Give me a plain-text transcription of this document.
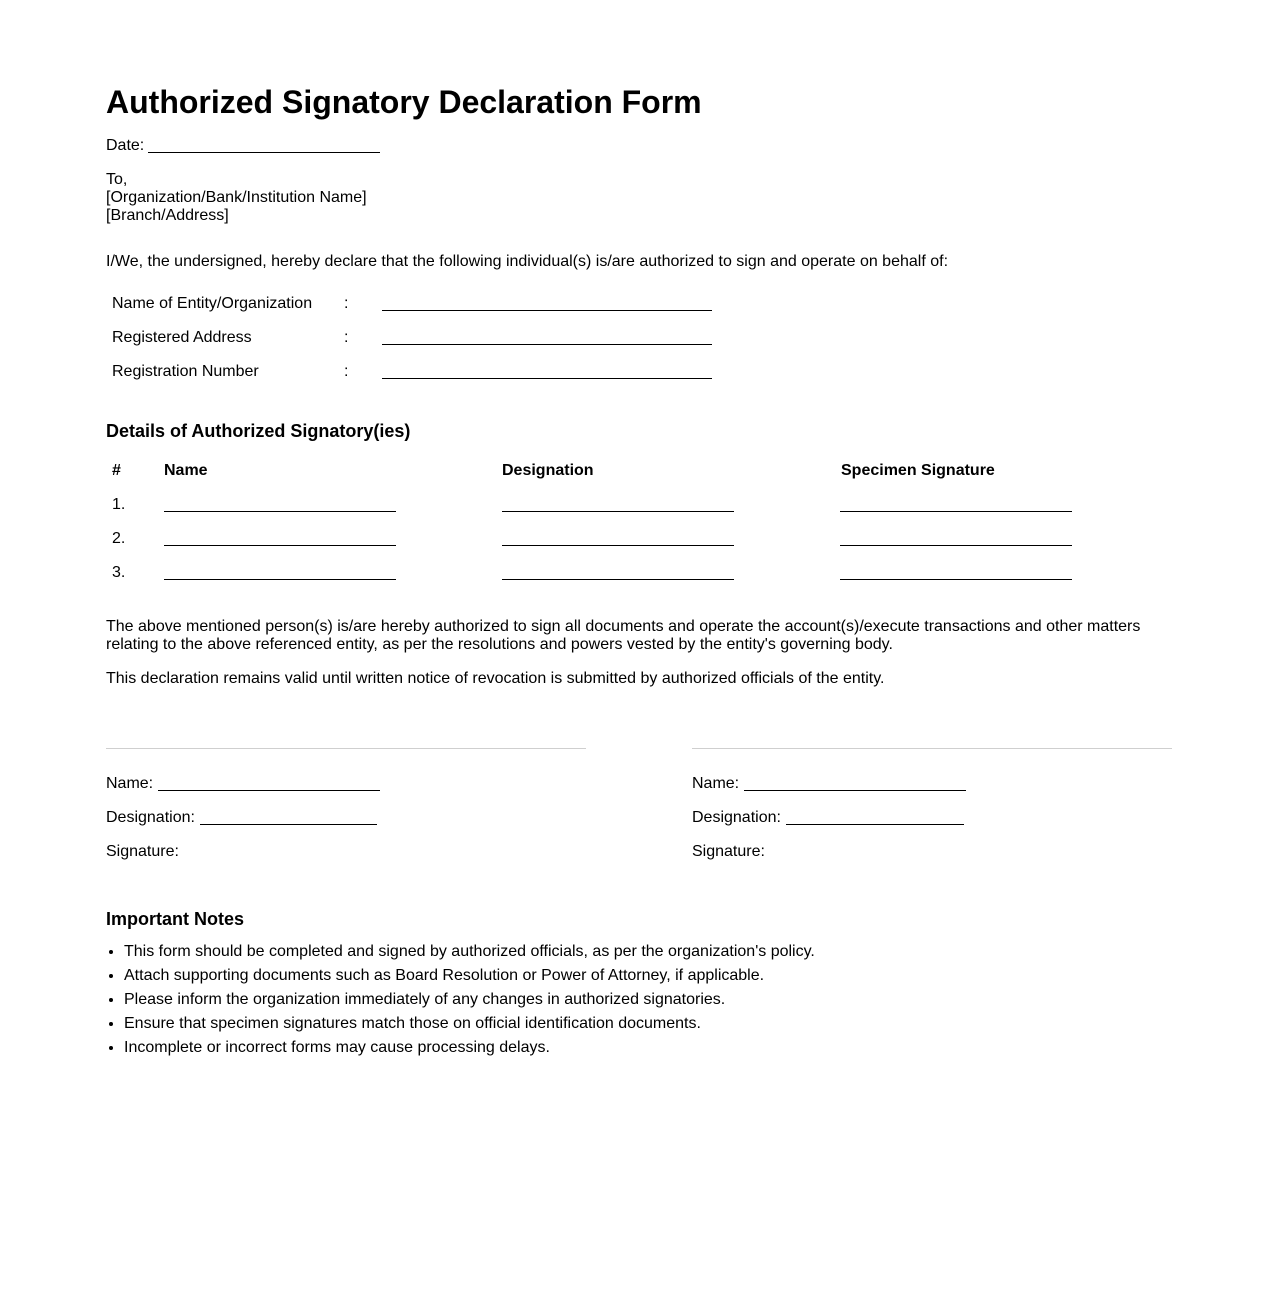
Authorized Signatory Declaration Form
Date:
To,
[Organization/Bank/Institution Name]
[Branch/Address]
I/We, the undersigned, hereby declare that the following individual(s) is/are authorized to sign and operate on behalf of:
Name of Entity/Organization :
Registered Address	:
Registration Number	:
Details of Authorized Signatory(ies)
#	Name	Designation	Specimen Signature
1.
2.
3.
The above mentioned person(s) is/are hereby authorized to sign all documents and operate the account(s)/execute transactions and other matters relating to the above referenced entity, as per the resolutions and powers vested by the entity's governing body.
This declaration remains valid until written notice of revocation is submitted by authorized officials of the entity.
Name:
Designation:
Signature:
Name:
Designation:
Signature:
Important Notes
• This form should be completed and signed by authorized officials, as per the organization's policy.
• Attach supporting documents such as Board Resolution or Power of Attorney, if applicable.
• Please inform the organization immediately of any changes in authorized signatories.
• Ensure that specimen signatures match those on official identification documents.
• Incomplete or incorrect forms may cause processing delays.
